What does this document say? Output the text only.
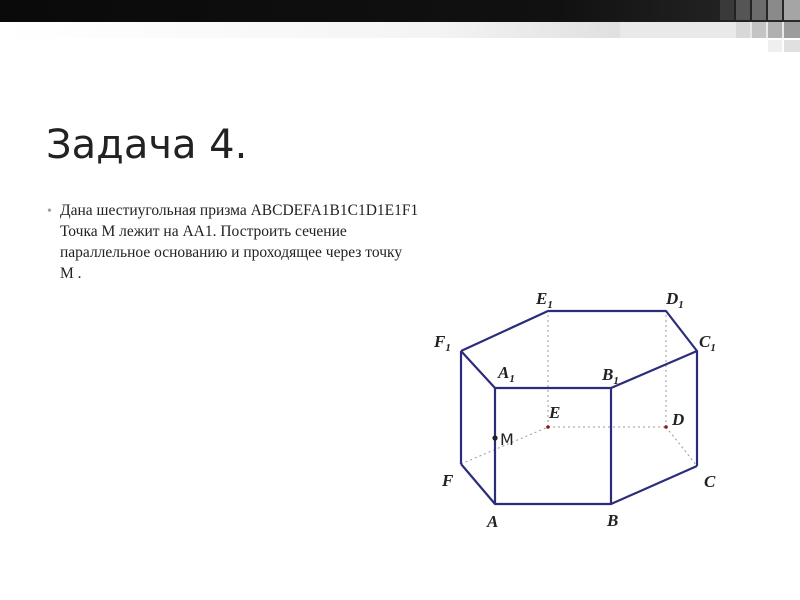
Задача 4.
• Дана шестиугольная призма ABCDEFA1B1C1D1E1F1
Точка М лежит на АА1. Построить сечение
параллельное основанию и проходящее через точку
М .
М
$E_1$	$D_1$
$F_1$	$C_1$
$A_1$	$B_1$
E	D
F	C
A	B
